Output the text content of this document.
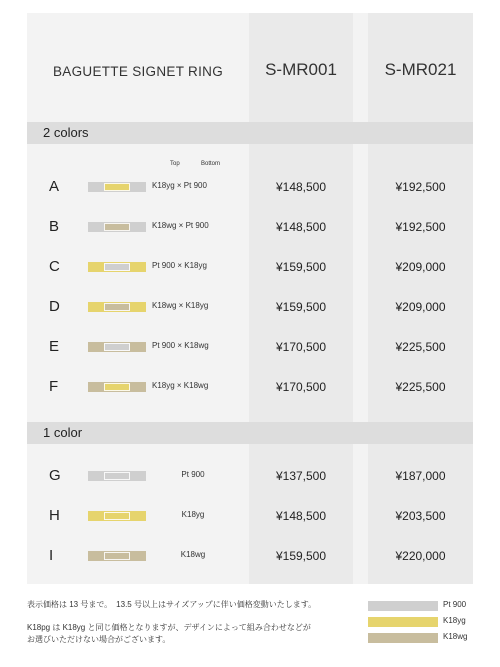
BAGUETTE SIGNET RING	S-MR001	S-MR021
2 colors
Top	Bottom
1 color
A	K18yg × Pt 900	¥148,500	¥192,500
B	K18wg × Pt 900	¥148,500	¥192,500
C	Pt 900 × K18yg	¥159,500	¥209,000
D	K18wg × K18yg	¥159,500	¥209,000
E	Pt 900 × K18wg	¥170,500	¥225,500
F	K18yg × K18wg	¥170,500	¥225,500
G	Pt 900	¥137,500	¥187,000
H	K18yg	¥148,500	¥203,500
I	K18wg	¥159,500	¥220,000
表示価格は 13 号まで。　13.5 号以上はサイズアップに伴い価格変動いたします。
K18pg は K18yg と同じ価格となりますが、デザインによって組み合わせなどが
お選びいただけない場合がございます。
Pt 900
K18yg
K18wg
